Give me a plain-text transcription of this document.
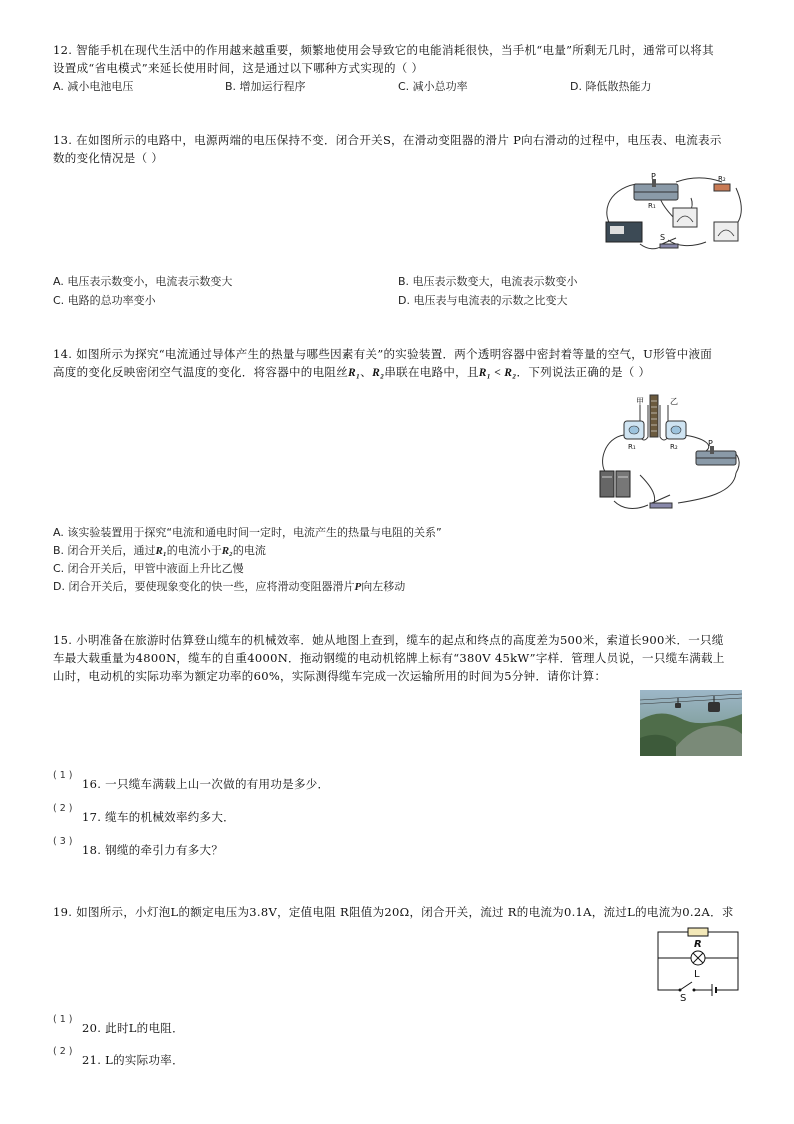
12. 智能手机在现代生活中的作用越来越重要，频繁地使用会导致它的电能消耗很快，当手机“电量”所剩无几时，通常可以将其
设置成“省电模式”来延长使用时间，这是通过以下哪种方式实现的（ ）
A. 减小电池电压	B. 增加运行程序	C. 减小总功率	D. 降低散热能力
13. 在如图所示的电路中，电源两端的电压保持不变．闭合开关S，在滑动变阻器的滑片 P向右滑动的过程中，电压表、电流表示
数的变化情况是（ ）
P
R₁
R₂
S
A. 电压表示数变小，电流表示数变大	B. 电压表示数变大，电流表示数变小
C. 电路的总功率变小	D. 电压表与电流表的示数之比变大
14. 如图所示为探究“电流通过导体产生的热量与哪些因素有关”的实验装置．两个透明容器中密封着等量的空气，U形管中液面
高度的变化反映密闭空气温度的变化．将容器中的电阻丝R₁、R₂串联在电路中，且R₁ < R₂．下列说法正确的是（ ）
甲	乙
R₁	R₂	P
A. 该实验装置用于探究“电流和通电时间一定时，电流产生的热量与电阻的关系”
B. 闭合开关后，通过R₁的电流小于R₂的电流
C. 闭合开关后，甲管中液面上升比乙慢
D. 闭合开关后，要使现象变化的快一些，应将滑动变阻器滑片P向左移动
15. 小明准备在旅游时估算登山缆车的机械效率．她从地图上查到，缆车的起点和终点的高度差为500米，索道长900米．一只缆
车最大载重量为4800N，缆车的自重4000N．拖动钢缆的电动机铭牌上标有“380V 45kW”字样．管理人员说，一只缆车满载上
山时，电动机的实际功率为额定功率的60%，实际测得缆车完成一次运输所用的时间为5分钟．请你计算：
( 1 )
16. 一只缆车满载上山一次做的有用功是多少．
( 2 )
17. 缆车的机械效率约多大．
( 3 )
18. 钢缆的牵引力有多大？
19. 如图所示，小灯泡L的额定电压为3.8V，定值电阻 R阻值为20Ω，闭合开关，流过 R的电流为0.1A，流过L的电流为0.2A．求
R
L
S
( 1 )
20. 此时L的电阻．
( 2 )
21. L的实际功率．
